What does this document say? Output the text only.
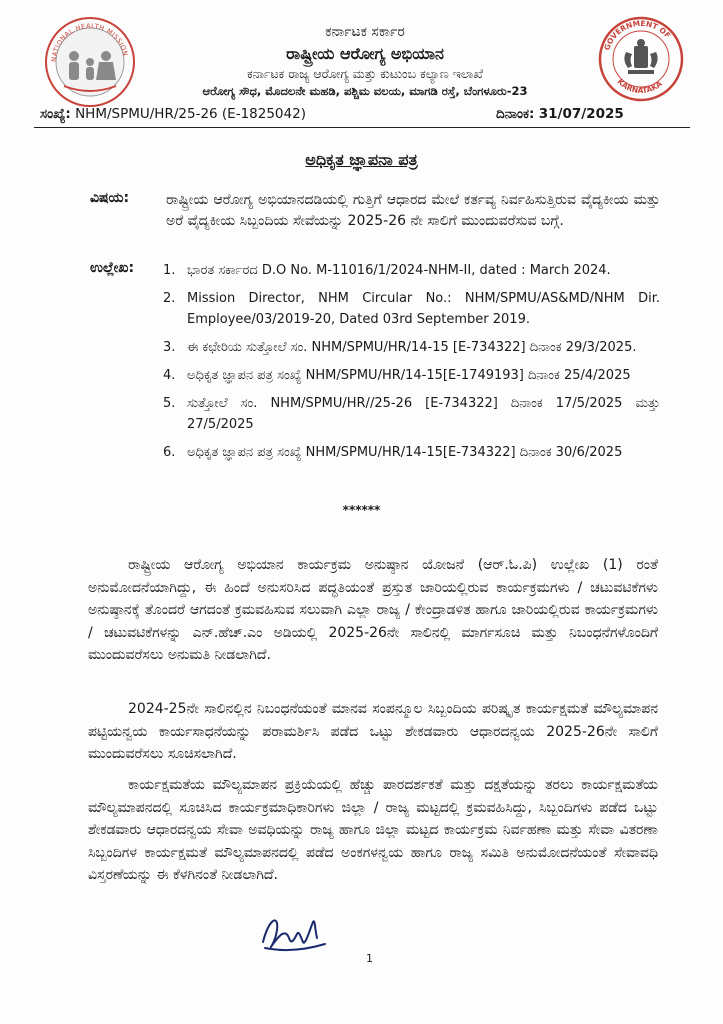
NATIONAL HEALTH MISSION
GOVERNMENT OF
KARNATAKA
ಕರ್ನಾಟಕ ಸರ್ಕಾರ
ರಾಷ್ಟ್ರೀಯ ಆರೋಗ್ಯ ಅಭಿಯಾನ
ಕರ್ನಾಟಕ ರಾಜ್ಯ ಆರೋಗ್ಯ ಮತ್ತು ಕುಟುಂಬ ಕಲ್ಯಾಣ ಇಲಾಖೆ
ಆರೋಗ್ಯ ಸೌಧ, ಮೊದಲನೇ ಮಹಡಿ, ಪಶ್ಚಿಮ ವಲಯ, ಮಾಗಡಿ ರಸ್ತೆ, ಬೆಂಗಳೂರು-23
ಸಂಖ್ಯೆ: NHM/SPMU/HR/25-26 (E-1825042)	ದಿನಾಂಕ: 31/07/2025
ಅಧಿಕೃತ ಜ್ಞಾಪನಾ ಪತ್ರ
ವಿಷಯ:	ರಾಷ್ಟ್ರೀಯ ಆರೋಗ್ಯ ಅಭಿಯಾನದಡಿಯಲ್ಲಿ ಗುತ್ತಿಗೆ ಆಧಾರದ ಮೇಲೆ ಕರ್ತವ್ಯ ನಿರ್ವಹಿಸುತ್ತಿರುವ ವೈದ್ಯಕೀಯ ಮತ್ತು ಅರೆ ವೈದ್ಯಕೀಯ ಸಿಬ್ಬಂದಿಯ ಸೇವೆಯನ್ನು 2025-26 ನೇ ಸಾಲಿಗೆ ಮುಂದುವರೆಸುವ ಬಗ್ಗೆ.
ಉಲ್ಲೇಖ: 1. ಭಾರತ ಸರ್ಕಾರದ D.O No. M-11016/1/2024-NHM-II, dated : March 2024.
2. Mission Director, NHM Circular No.: NHM/SPMU/AS&MD/NHM Dir. Employee/03/2019-20, Dated 03rd September 2019.
3. ಈ ಕಛೇರಿಯ ಸುತ್ತೋಲೆ ಸಂ. NHM/SPMU/HR/14-15 [E-734322] ದಿನಾಂಕ 29/3/2025.
4. ಅಧಿಕೃತ ಜ್ಞಾಪನ ಪತ್ರ ಸಂಖ್ಯೆ NHM/SPMU/HR/14-15[E-1749193] ದಿನಾಂಕ 25/4/2025
5. ಸುತ್ತೋಲೆ ಸಂ. NHM/SPMU/HR//25-26 [E-734322] ದಿನಾಂಕ 17/5/2025 ಮತ್ತು 27/5/2025
6. ಅಧಿಕೃತ ಜ್ಞಾಪನ ಪತ್ರ ಸಂಖ್ಯೆ NHM/SPMU/HR/14-15[E-734322] ದಿನಾಂಕ 30/6/2025
******

ರಾಷ್ಟ್ರೀಯ ಆರೋಗ್ಯ ಅಭಿಯಾನ ಕಾರ್ಯಕ್ರಮ ಅನುಷ್ಠಾನ ಯೋಜನೆ (ಆರ್.ಓ.ಪಿ) ಉಲ್ಲೇಖ (1) ರಂತೆ ಅನುಮೋದನೆಯಾಗಿದ್ದು, ಈ ಹಿಂದೆ ಅನುಸರಿಸಿದ ಪದ್ಧತಿಯಂತೆ ಪ್ರಸ್ತುತ ಜಾರಿಯಲ್ಲಿರುವ ಕಾರ್ಯಕ್ರಮಗಳು / ಚಟುವಟಿಕೆಗಳು ಅನುಷ್ಠಾನಕ್ಕೆ ತೊಂದರೆ ಆಗದಂತೆ ಕ್ರಮವಹಿಸುವ ಸಲುವಾಗಿ ಎಲ್ಲಾ ರಾಜ್ಯ / ಕೇಂದ್ರಾಡಳಿತ ಹಾಗೂ ಜಾರಿಯಲ್ಲಿರುವ ಕಾರ್ಯಕ್ರಮಗಳು / ಚಟುವಟಿಕೆಗಳನ್ನು ಎನ್.ಹೆಚ್.ಎಂ ಅಡಿಯಲ್ಲಿ 2025-26ನೇ ಸಾಲಿನಲ್ಲಿ ಮಾರ್ಗಸೂಚಿ ಮತ್ತು ನಿಬಂಧನೆಗಳೊಂದಿಗೆ ಮುಂದುವರೆಸಲು ಅನುಮತಿ ನೀಡಲಾಗಿದೆ.

2024-25ನೇ ಸಾಲಿನಲ್ಲಿನ ನಿಬಂಧನೆಯಂತೆ ಮಾನವ ಸಂಪನ್ಮೂಲ ಸಿಬ್ಬಂದಿಯ ಪರಿಷ್ಕೃತ ಕಾರ್ಯಕ್ಷಮತೆ ಮೌಲ್ಯಮಾಪನ ಪಟ್ಟಿಯನ್ವಯ ಕಾರ್ಯಸಾಧನೆಯನ್ನು ಪರಾಮರ್ಶಿಸಿ ಪಡೆದ ಒಟ್ಟು ಶೇಕಡವಾರು ಆಧಾರದನ್ವಯ 2025-26ನೇ ಸಾಲಿಗೆ ಮುಂದುವರೆಸಲು ಸೂಚಿಸಲಾಗಿದೆ.

ಕಾರ್ಯಕ್ಷಮತೆಯ ಮೌಲ್ಯಮಾಪನ ಪ್ರಕ್ರಿಯೆಯಲ್ಲಿ ಹೆಚ್ಚು ಪಾರದರ್ಶಕತೆ ಮತ್ತು ದಕ್ಷತೆಯನ್ನು ತರಲು ಕಾರ್ಯಕ್ಷಮತೆಯ ಮೌಲ್ಯಮಾಪನದಲ್ಲಿ ಸೂಚಿಸಿದ ಕಾರ್ಯಕ್ರಮಾಧಿಕಾರಿಗಳು ಜಿಲ್ಲಾ / ರಾಜ್ಯ ಮಟ್ಟದಲ್ಲಿ ಕ್ರಮವಹಿಸಿದ್ದು, ಸಿಬ್ಬಂದಿಗಳು ಪಡೆದ ಒಟ್ಟು ಶೇಕಡವಾರು ಆಧಾರದನ್ವಯ ಸೇವಾ ಅವಧಿಯನ್ನು ರಾಜ್ಯ ಹಾಗೂ ಜಿಲ್ಲಾ ಮಟ್ಟದ ಕಾರ್ಯಕ್ರಮ ನಿರ್ವಹಣಾ ಮತ್ತು ಸೇವಾ ವಿತರಣಾ ಸಿಬ್ಬಂದಿಗಳ ಕಾರ್ಯಕ್ಷಮತೆ ಮೌಲ್ಯಮಾಪನದಲ್ಲಿ ಪಡೆದ ಅಂಕಗಳನ್ವಯ ಹಾಗೂ ರಾಜ್ಯ ಸಮಿತಿ ಅನುಮೋದನೆಯಂತೆ ಸೇವಾವಧಿ ವಿಸ್ತರಣೆಯನ್ನು ಈ ಕೆಳಗಿನಂತೆ ನೀಡಲಾಗಿದೆ.

1
